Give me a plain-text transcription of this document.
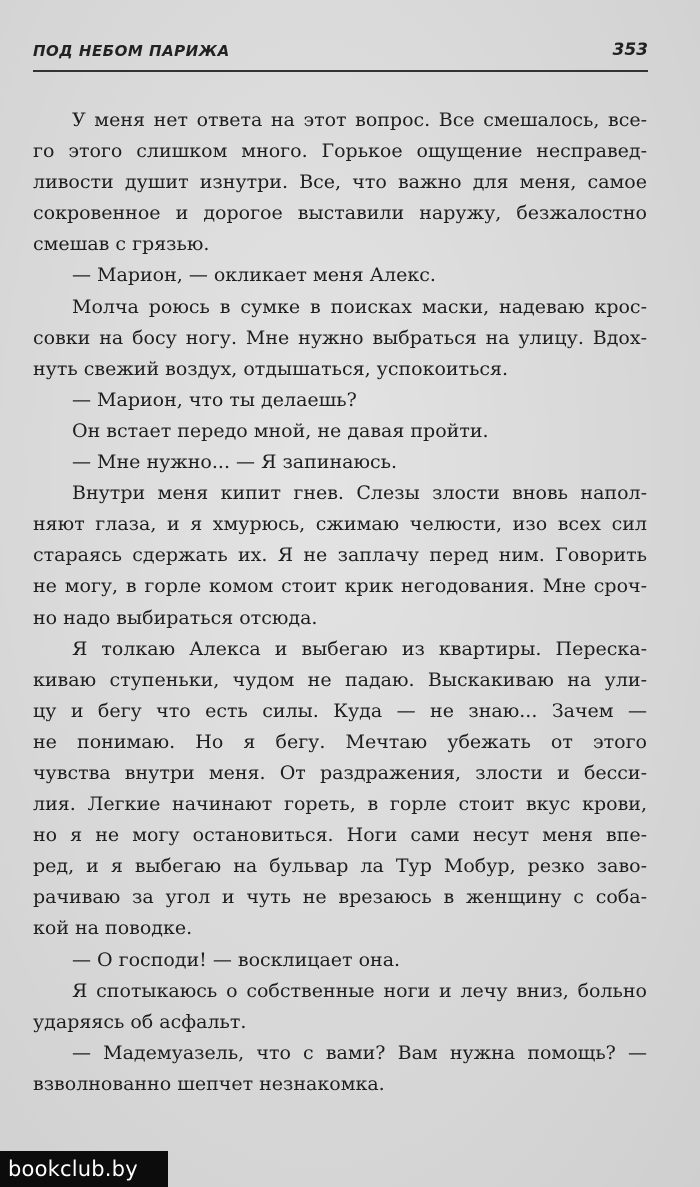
ПОД НЕБОМ ПАРИЖА	353
У меня нет ответа на этот вопрос. Все смешалось, все-
го этого слишком много. Горькое ощущение несправед-
ливости душит изнутри. Все, что важно для меня, самое
сокровенное и дорогое выставили наружу, безжалостно
смешав с грязью.
— Марион, — окликает меня Алекс.
Молча роюсь в сумке в поисках маски, надеваю крос-
совки на босу ногу. Мне нужно выбраться на улицу. Вдох-
нуть свежий воздух, отдышаться, успокоиться.
— Марион, что ты делаешь?
Он встает передо мной, не давая пройти.
— Мне нужно... — Я запинаюсь.
Внутри меня кипит гнев. Слезы злости вновь напол-
няют глаза, и я хмурюсь, сжимаю челюсти, изо всех сил
стараясь сдержать их. Я не заплачу перед ним. Говорить
не могу, в горле комом стоит крик негодования. Мне сроч-
но надо выбираться отсюда.
Я толкаю Алекса и выбегаю из квартиры. Переска-
киваю ступеньки, чудом не падаю. Выскакиваю на ули-
цу и бегу что есть силы. Куда — не знаю... Зачем —
не понимаю. Но я бегу. Мечтаю убежать от этого
чувства внутри меня. От раздражения, злости и бесси-
лия. Легкие начинают гореть, в горле стоит вкус крови,
но я не могу остановиться. Ноги сами несут меня впе-
ред, и я выбегаю на бульвар ла Тур Мобур, резко заво-
рачиваю за угол и чуть не врезаюсь в женщину с соба-
кой на поводке.
— О господи! — восклицает она.
Я спотыкаюсь о собственные ноги и лечу вниз, больно
ударяясь об асфальт.
— Мадемуазель, что с вами? Вам нужна помощь? —
взволнованно шепчет незнакомка.
bookclub.by
